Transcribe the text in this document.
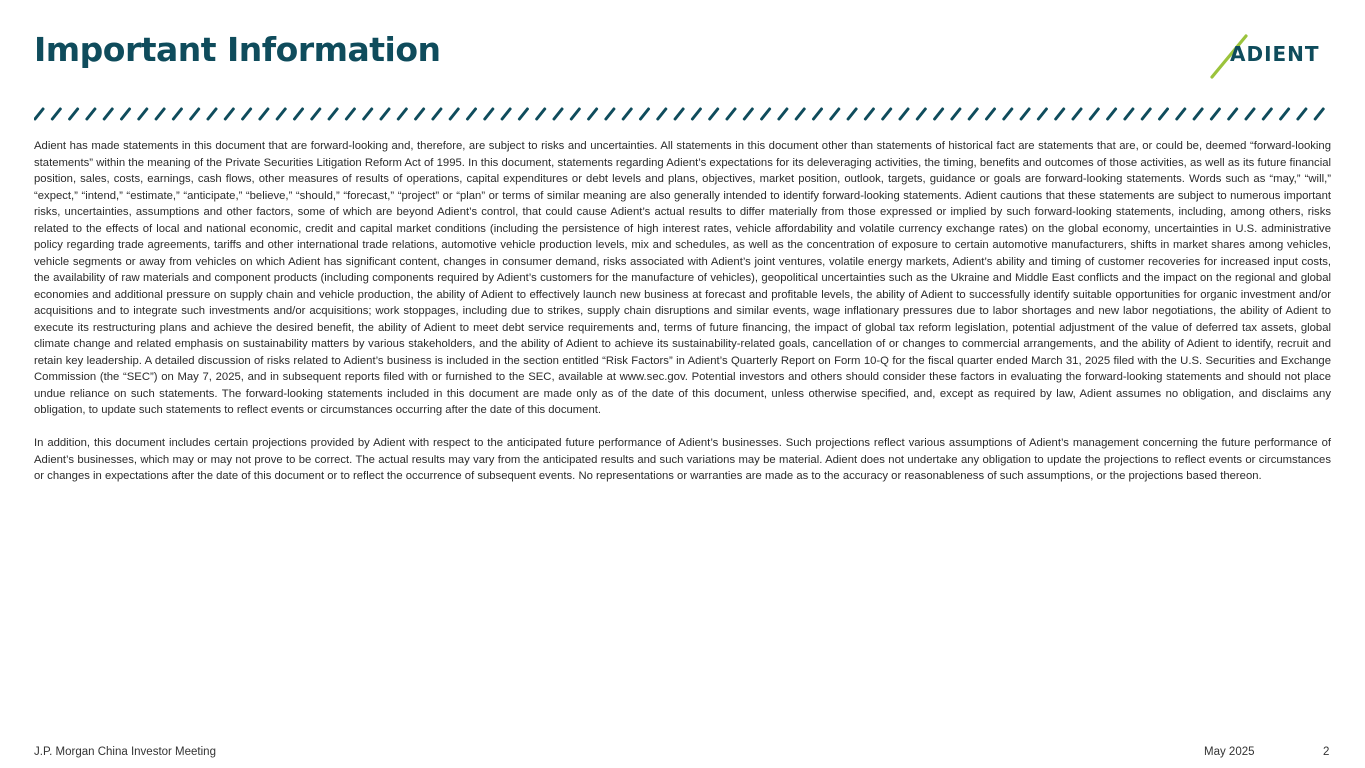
Important Information	ADIENT

Adient has made statements in this document that are forward-looking and, therefore, are subject to risks and uncertainties. All statements in this document other than statements of historical fact are statements that are, or could be, deemed “forward-looking statements” within the meaning of the Private Securities Litigation Reform Act of 1995. In this document, statements regarding Adient’s expectations for its deleveraging activities, the timing, benefits and outcomes of those activities, as well as its future financial position, sales, costs, earnings, cash flows, other measures of results of operations, capital expenditures or debt levels and plans, objectives, market position, outlook, targets, guidance or goals are forward-looking statements. Words such as “may,” “will,” “expect,” “intend,” “estimate,” “anticipate,” “believe,” “should,” “forecast,” “project” or “plan” or terms of similar meaning are also generally intended to identify forward-looking statements. Adient cautions that these statements are subject to numerous important risks, uncertainties, assumptions and other factors, some of which are beyond Adient’s control, that could cause Adient’s actual results to differ materially from those expressed or implied by such forward-looking statements, including, among others, risks related to the effects of local and national economic, credit and capital market conditions (including the persistence of high interest rates, vehicle affordability and volatile currency exchange rates) on the global economy, uncertainties in U.S. administrative policy regarding trade agreements, tariffs and other international trade relations, automotive vehicle production levels, mix and schedules, as well as the concentration of exposure to certain automotive manufacturers, shifts in market shares among vehicles, vehicle segments or away from vehicles on which Adient has significant content, changes in consumer demand, risks associated with Adient’s joint ventures, volatile energy markets, Adient’s ability and timing of customer recoveries for increased input costs, the availability of raw materials and component products (including components required by Adient’s customers for the manufacture of vehicles), geopolitical uncertainties such as the Ukraine and Middle East conflicts and the impact on the regional and global economies and additional pressure on supply chain and vehicle production, the ability of Adient to effectively launch new business at forecast and profitable levels, the ability of Adient to successfully identify suitable opportunities for organic investment and/or acquisitions and to integrate such investments and/or acquisitions; work stoppages, including due to strikes, supply chain disruptions and similar events, wage inflationary pressures due to labor shortages and new labor negotiations, the ability of Adient to execute its restructuring plans and achieve the desired benefit, the ability of Adient to meet debt service requirements and, terms of future financing, the impact of global tax reform legislation, potential adjustment of the value of deferred tax assets, global climate change and related emphasis on sustainability matters by various stakeholders, and the ability of Adient to achieve its sustainability-related goals, cancellation of or changes to commercial arrangements, and the ability of Adient to identify, recruit and retain key leadership. A detailed discussion of risks related to Adient’s business is included in the section entitled “Risk Factors” in Adient’s Quarterly Report on Form 10-Q for the fiscal quarter ended March 31, 2025 filed with the U.S. Securities and Exchange Commission (the “SEC”) on May 7, 2025, and in subsequent reports filed with or furnished to the SEC, available at www.sec.gov. Potential investors and others should consider these factors in evaluating the forward-looking statements and should not place undue reliance on such statements. The forward-looking statements included in this document are made only as of the date of this document, unless otherwise specified, and, except as required by law, Adient assumes no obligation, and disclaims any obligation, to update such statements to reflect events or circumstances occurring after the date of this document.

In addition, this document includes certain projections provided by Adient with respect to the anticipated future performance of Adient’s businesses. Such projections reflect various assumptions of Adient’s management concerning the future performance of Adient’s businesses, which may or may not prove to be correct. The actual results may vary from the anticipated results and such variations may be material. Adient does not undertake any obligation to update the projections to reflect events or circumstances or changes in expectations after the date of this document or to reflect the occurrence of subsequent events. No representations or warranties are made as to the accuracy or reasonableness of such assumptions, or the projections based thereon.

J.P. Morgan China Investor Meeting	May 2025	2
